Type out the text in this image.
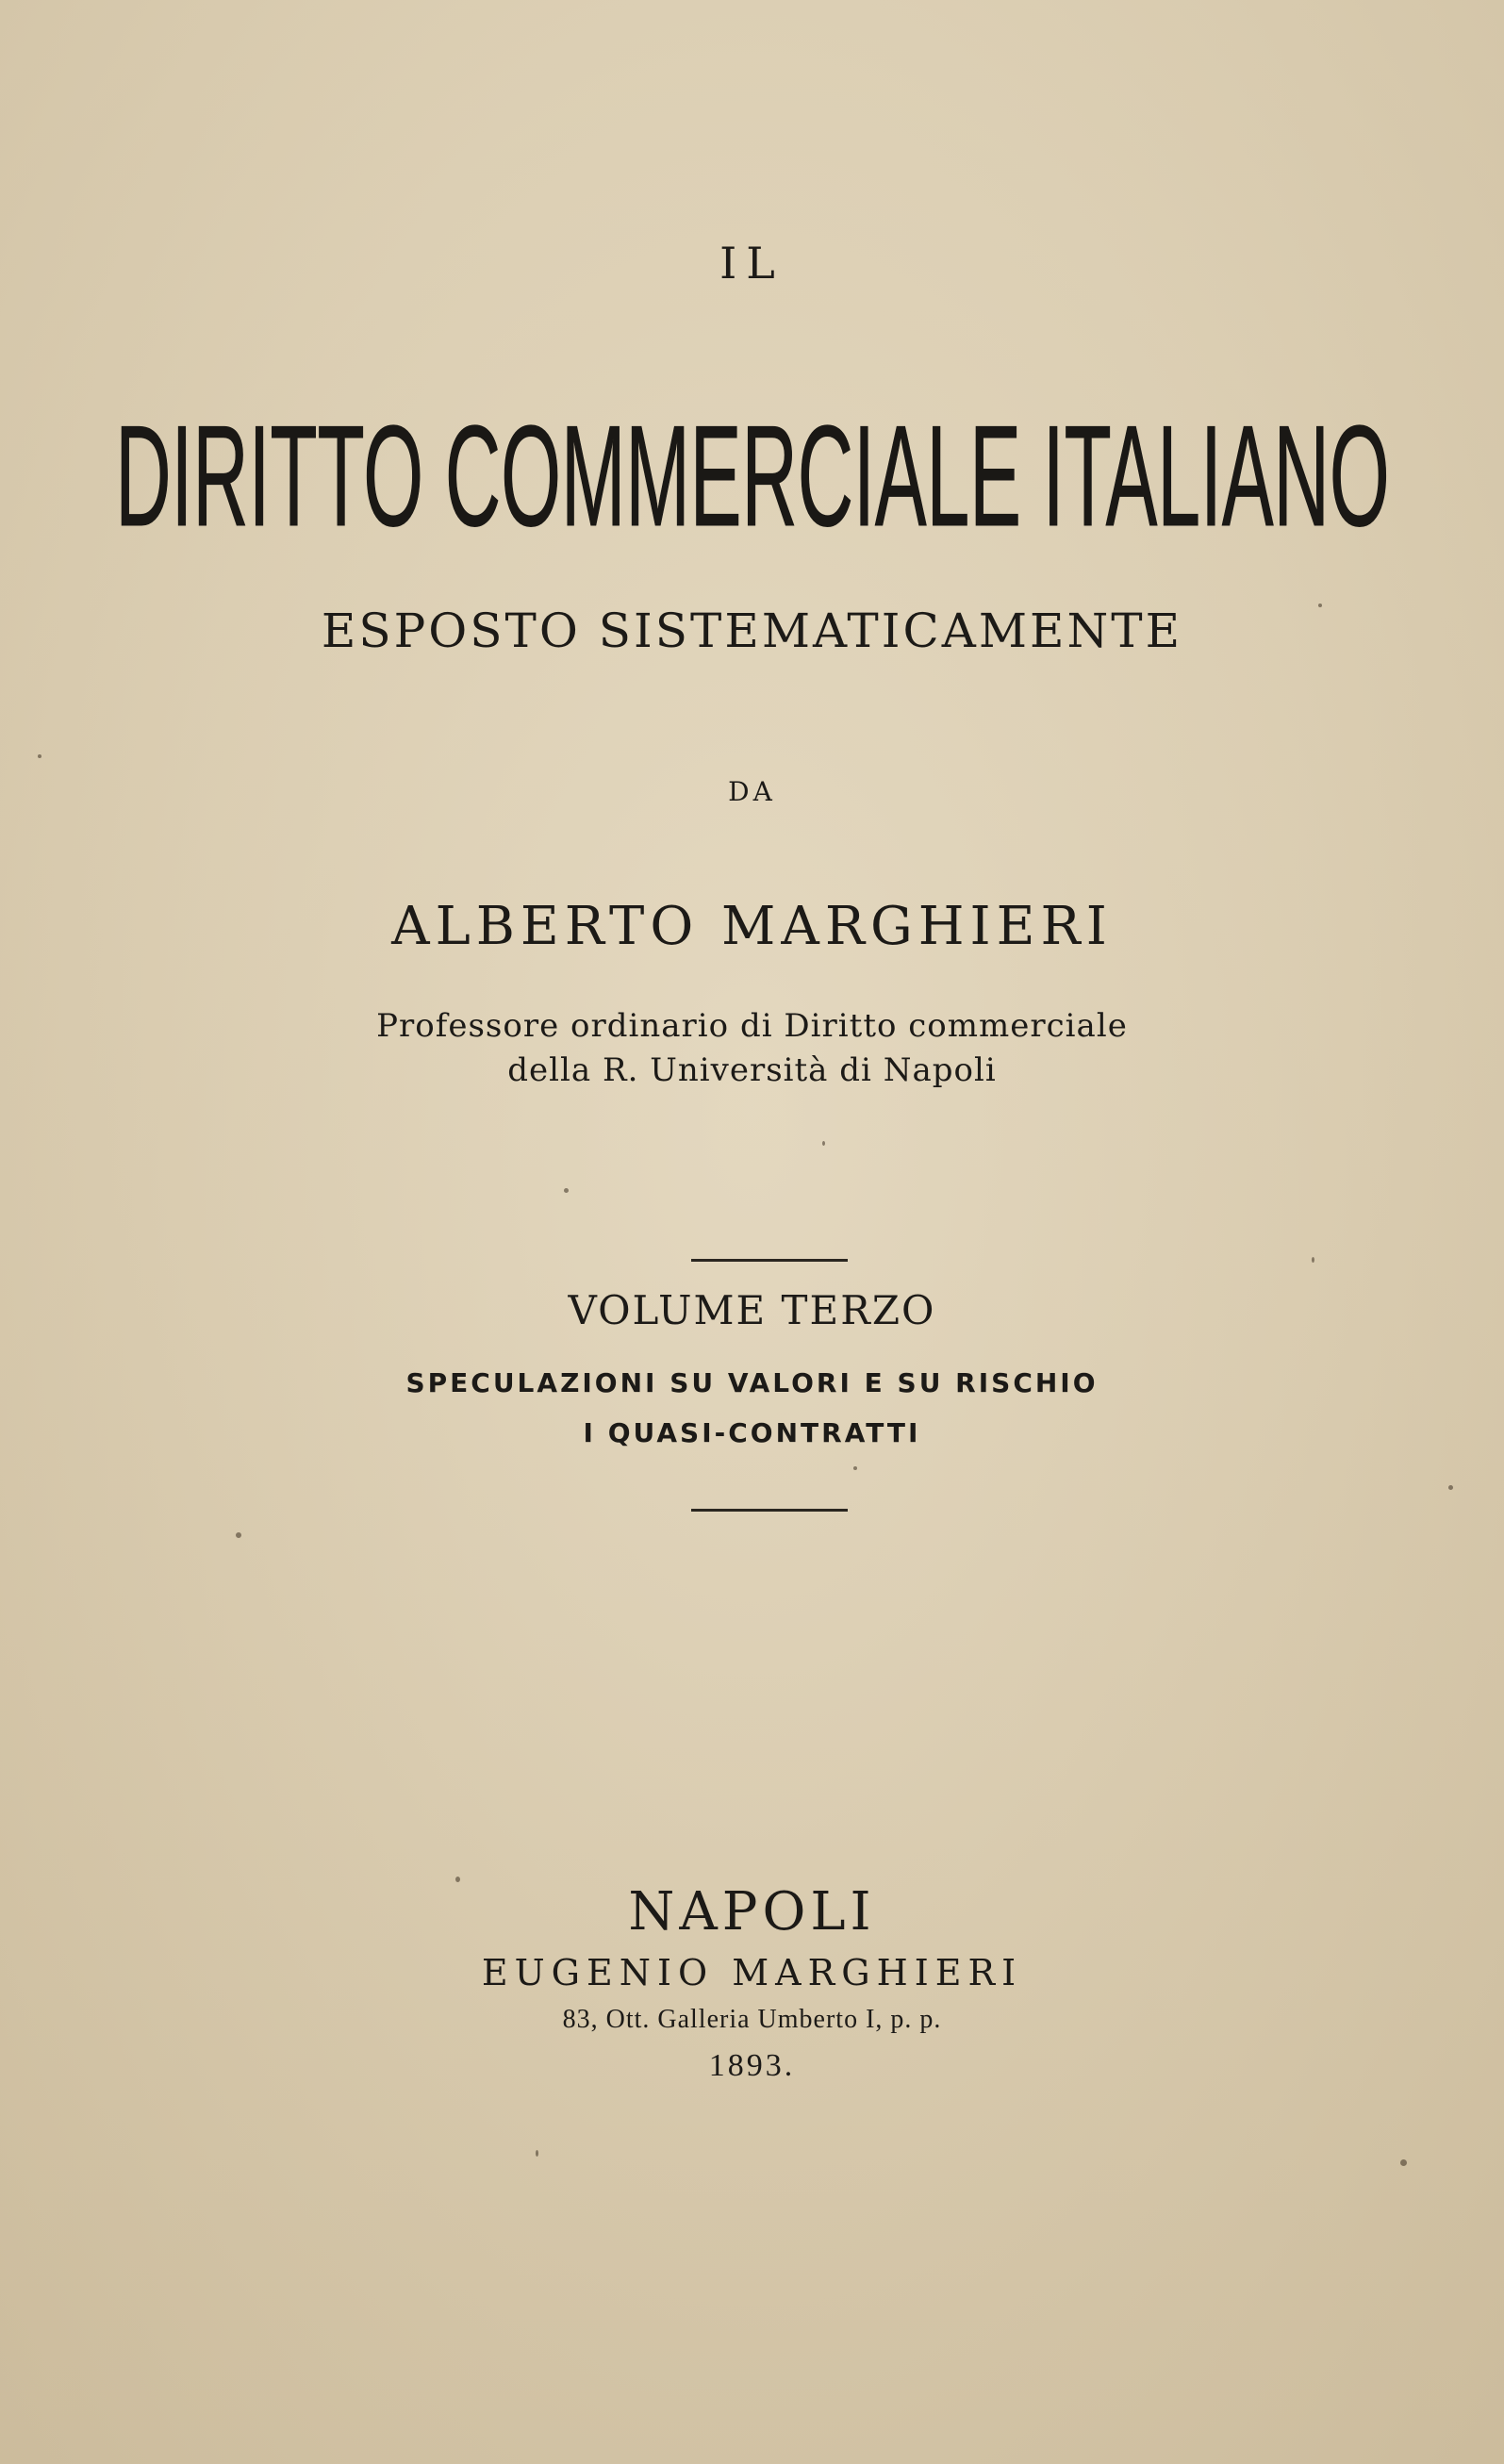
IL

DIRITTO COMMERCIALE ITALIANO

ESPOSTO SISTEMATICAMENTE

DA

ALBERTO MARGHIERI

Professore ordinario di Diritto commerciale

della R. Università di Napoli

VOLUME TERZO

SPECULAZIONI SU VALORI E SU RISCHIO

I QUASI-CONTRATTI

NAPOLI

EUGENIO MARGHIERI

83, Ott. Galleria Umberto I, p. p.

1893.
